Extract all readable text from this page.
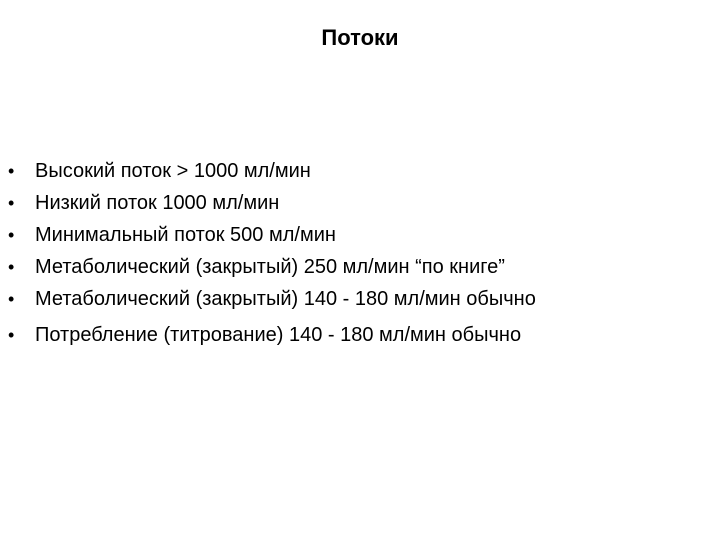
Потоки
•	Высокий поток > 1000 мл/мин
•	Низкий поток 1000 мл/мин
•	Минимальный поток 500 мл/мин
•	Метаболический (закрытый) 250 мл/мин “по книге”
•	Метаболический (закрытый) 140 - 180 мл/мин обычно
•	Потребление (титрование) 140 - 180 мл/мин обычно
